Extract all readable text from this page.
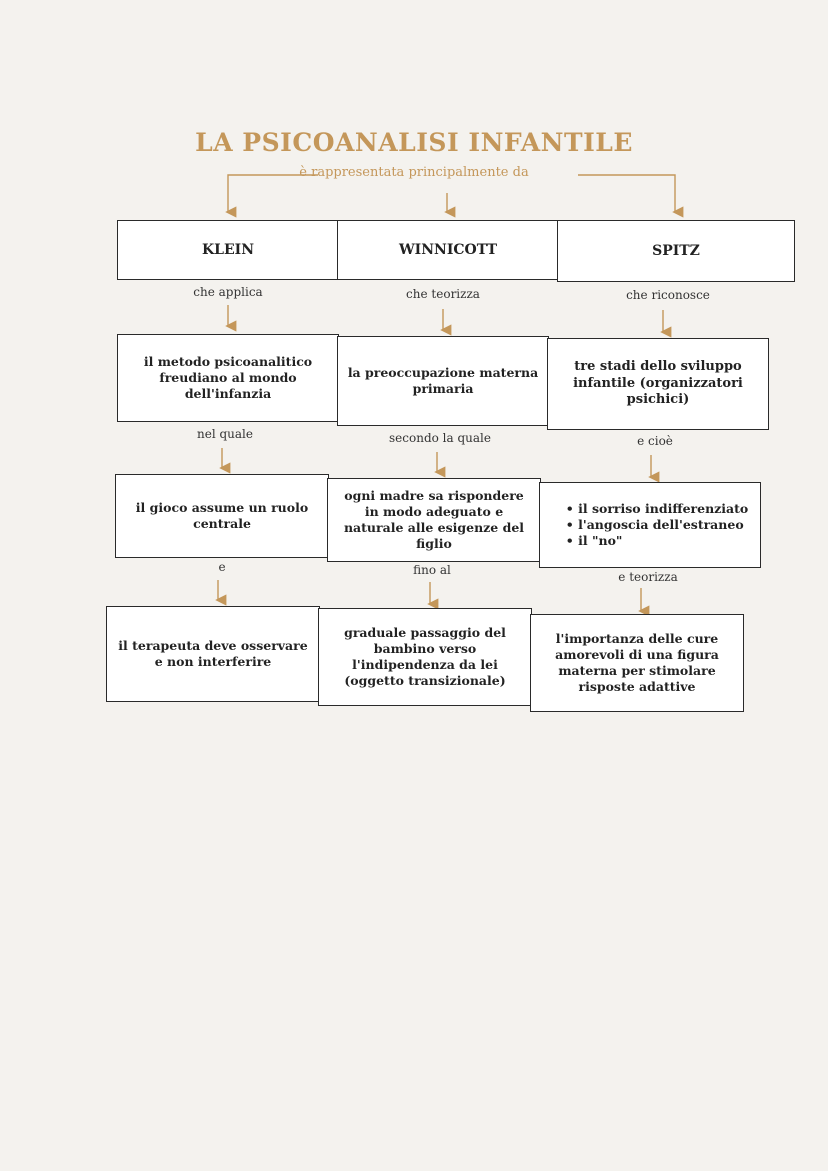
LA PSICOANALISI INFANTILE
è rappresentata principalmente da
KLEIN	WINNICOTT	SPITZ
che applica	che teorizza	che riconosce
il metodo psicoanalitico freudiano al mondo dell'infanzia
la preoccupazione materna primaria
tre stadi dello sviluppo infantile (organizzatori psichici)
nel quale	secondo la quale	e cioè
il gioco assume un ruolo centrale
ogni madre sa rispondere in modo adeguato e naturale alle esigenze del figlio
• il sorriso indifferenziato
• l'angoscia dell'estraneo
• il "no"
e	fino al	e teorizza
il terapeuta deve osservare e non interferire
graduale passaggio del bambino verso l'indipendenza da lei (oggetto transizionale)
l'importanza delle cure amorevoli di una figura materna per stimolare risposte adattive
